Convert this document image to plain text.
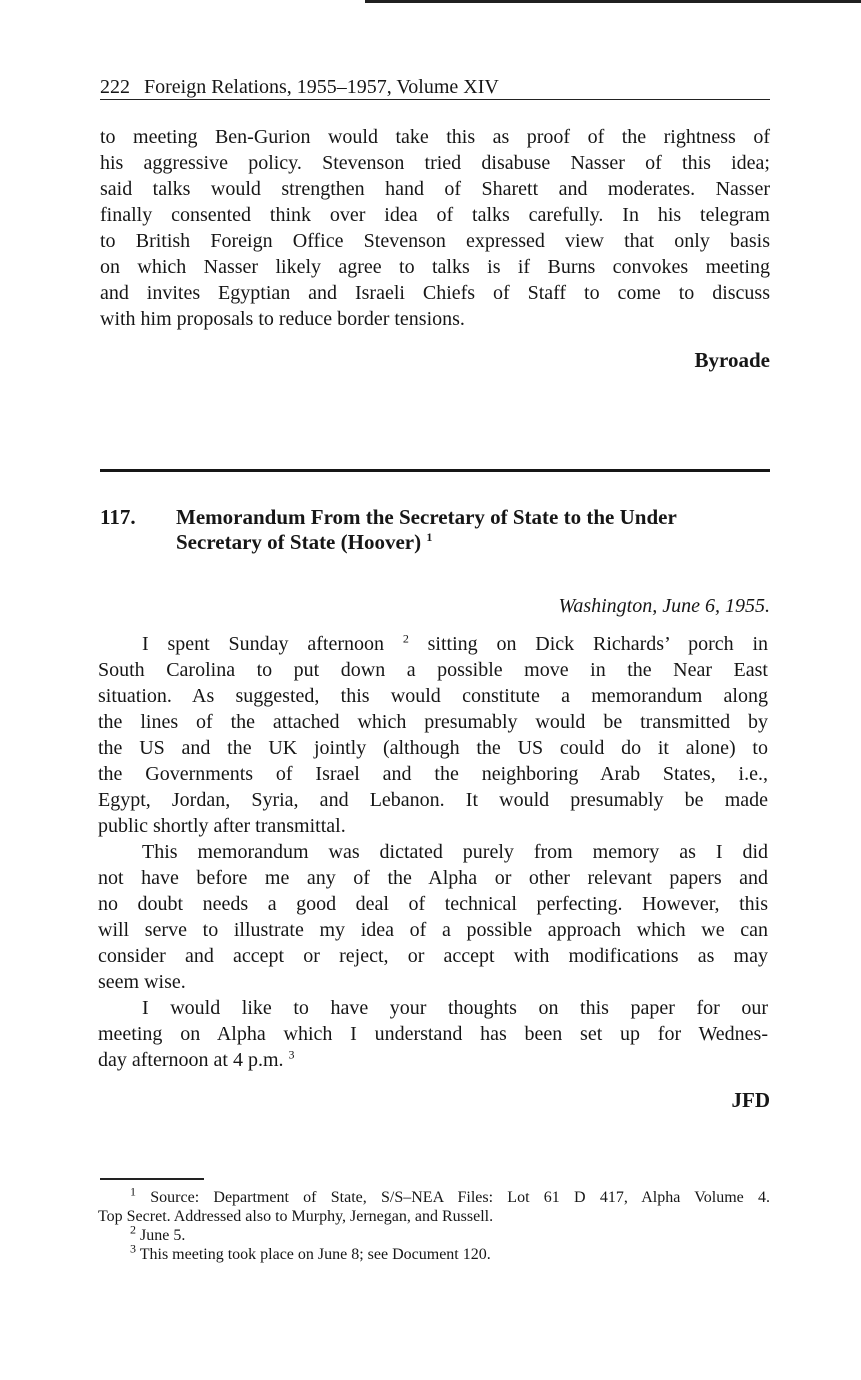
222 Foreign Relations, 1955–1957, Volume XIV
to meeting Ben-Gurion would take this as proof of the rightness of
his aggressive policy. Stevenson tried disabuse Nasser of this idea;
said talks would strengthen hand of Sharett and moderates. Nasser
finally consented think over idea of talks carefully. In his telegram
to British Foreign Office Stevenson expressed view that only basis
on which Nasser likely agree to talks is if Burns convokes meeting
and invites Egyptian and Israeli Chiefs of Staff to come to discuss
with him proposals to reduce border tensions.
Byroade
117. Memorandum From the Secretary of State to the Under
Secretary of State (Hoover) $^1$
Washington, June 6, 1955.
I spent Sunday afternoon $^2$ sitting on Dick Richards’ porch in
South Carolina to put down a possible move in the Near East
situation. As suggested, this would constitute a memorandum along
the lines of the attached which presumably would be transmitted by
the US and the UK jointly (although the US could do it alone) to
the Governments of Israel and the neighboring Arab States, i.e.,
Egypt, Jordan, Syria, and Lebanon. It would presumably be made
public shortly after transmittal.
This memorandum was dictated purely from memory as I did
not have before me any of the Alpha or other relevant papers and
no doubt needs a good deal of technical perfecting. However, this
will serve to illustrate my idea of a possible approach which we can
consider and accept or reject, or accept with modifications as may
seem wise.
I would like to have your thoughts on this paper for our
meeting on Alpha which I understand has been set up for Wednes-
day afternoon at 4 p.m. $^3$
JFD
$^1$ Source: Department of State, S/S–NEA Files: Lot 61 D 417, Alpha Volume 4.
Top Secret. Addressed also to Murphy, Jernegan, and Russell.
$^2$ June 5.
$^3$ This meeting took place on June 8; see Document 120.
